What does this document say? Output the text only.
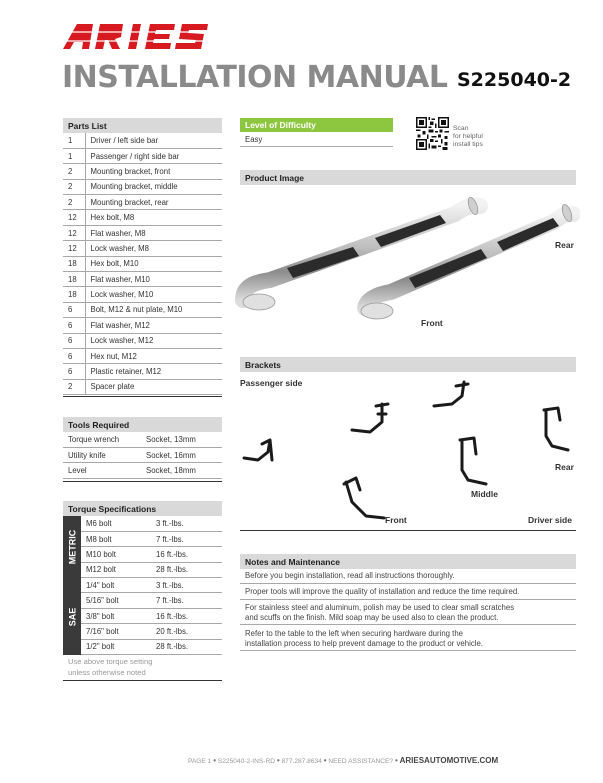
INSTALLATION MANUAL S225040-2
Parts List
1	Driver / left side bar
1	Passenger / right side bar
2	Mounting bracket, front
2	Mounting bracket, middle
2	Mounting bracket, rear
12	Hex bolt, M8
12	Flat washer, M8
12	Lock washer, M8
18	Hex bolt, M10
18	Flat washer, M10
18	Lock washer, M10
6	Bolt, M12 & nut plate, M10
6	Flat washer, M12
6	Lock washer, M12
6	Hex nut, M12
6	Plastic retainer, M12
2	Spacer plate
Tools Required
Torque wrench	Socket, 13mm
Utility knife	Socket, 16mm
Level	Socket, 18mm
Torque Specifications
METRIC
SAE
M6 bolt	3 ft.-lbs.
M8 bolt	7 ft.-lbs.
M10 bolt	16 ft.-lbs.
M12 bolt	28 ft.-lbs.
1/4" bolt	3 ft.-lbs.
5/16" bolt	7 ft.-lbs.
3/8" bolt	16 ft.-lbs.
7/16" bolt	20 ft.-lbs.
1/2" bolt	28 ft.-lbs.
Use above torque setting
unless otherwise noted
Level of Difficulty
Easy
Scan
for helpful
install tips
Product Image
Rear
Front
Brackets
Passenger side
Front
Middle
Rear
Driver side
Notes and Maintenance
Before you begin installation, read all instructions thoroughly.
Proper tools will improve the quality of installation and reduce the time required.
For stainless steel and aluminum, polish may be used to clear small scratches
and scuffs on the finish. Mild soap may be used also to clean the product.
Refer to the table to the left when securing hardware during the
installation process to help prevent damage to the product or vehicle.
PAGE 1 • S225040-2-INS-RD • 877.287.8634 • NEED ASSISTANCE? • ARIESAUTOMOTIVE.COM
